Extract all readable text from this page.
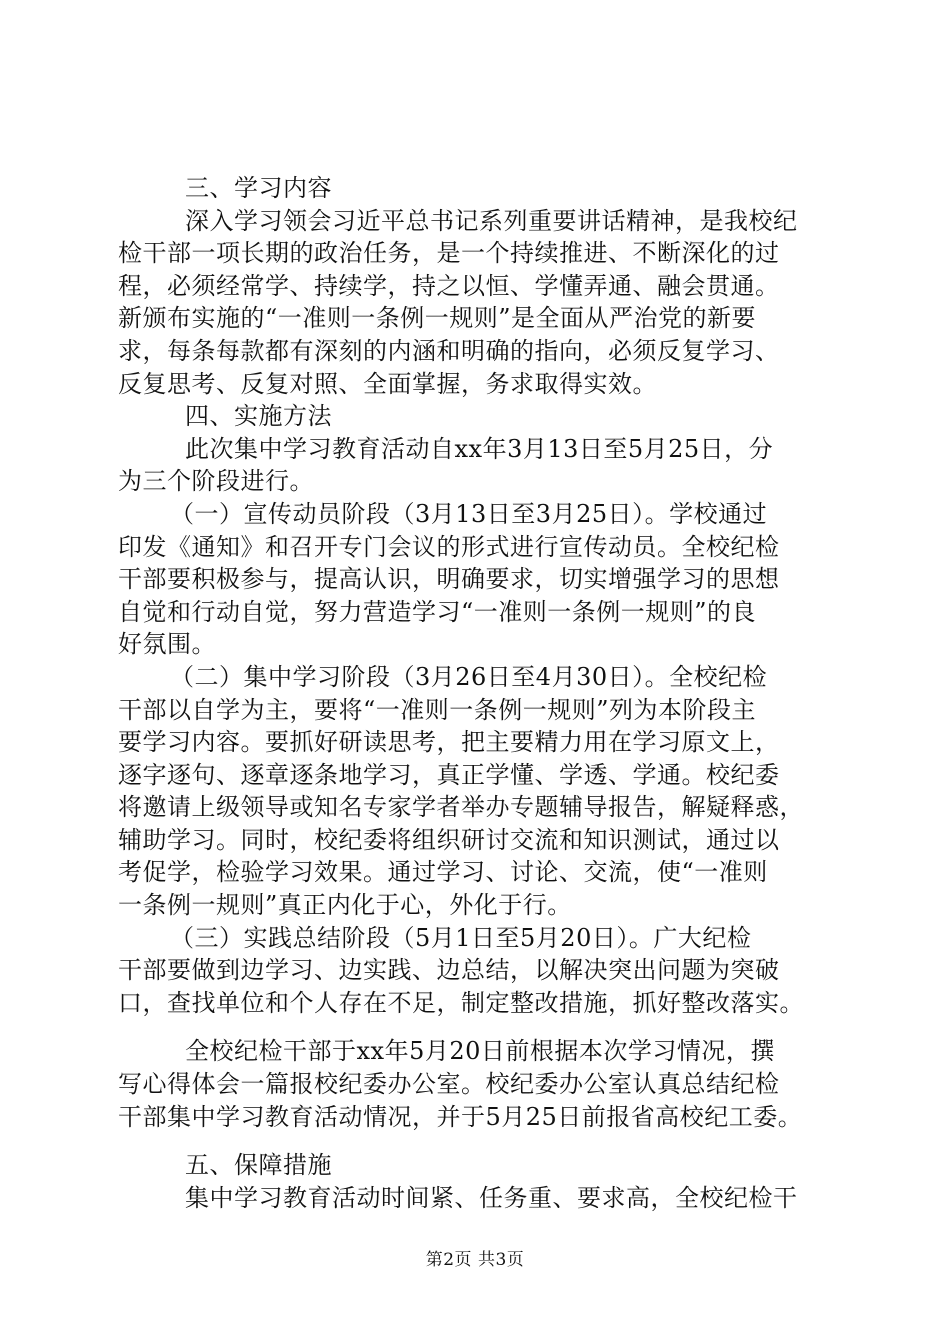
三、学习内容
深入学习领会习近平总书记系列重要讲话精神，是我校纪
检干部一项长期的政治任务，是一个持续推进、不断深化的过
程，必须经常学、持续学，持之以恒、学懂弄通、融会贯通。
新颁布实施的“一准则一条例一规则”是全面从严治党的新要
求，每条每款都有深刻的内涵和明确的指向，必须反复学习、
反复思考、反复对照、全面掌握，务求取得实效。
四、实施方法
此次集中学习教育活动自xx年3月13日至5月25日，分
为三个阶段进行。
（一）宣传动员阶段（3月13日至3月25日）。学校通过
印发《通知》和召开专门会议的形式进行宣传动员。全校纪检
干部要积极参与，提高认识，明确要求，切实增强学习的思想
自觉和行动自觉，努力营造学习“一准则一条例一规则”的良
好氛围。
（二）集中学习阶段（3月26日至4月30日）。全校纪检
干部以自学为主，要将“一准则一条例一规则”列为本阶段主
要学习内容。要抓好研读思考，把主要精力用在学习原文上，
逐字逐句、逐章逐条地学习，真正学懂、学透、学通。校纪委
将邀请上级领导或知名专家学者举办专题辅导报告，解疑释惑，
辅助学习。同时，校纪委将组织研讨交流和知识测试，通过以
考促学，检验学习效果。通过学习、讨论、交流，使“一准则
一条例一规则”真正内化于心，外化于行。
（三）实践总结阶段（5月1日至5月20日）。广大纪检
干部要做到边学习、边实践、边总结，以解决突出问题为突破
口，查找单位和个人存在不足，制定整改措施，抓好整改落实。
全校纪检干部于xx年5月20日前根据本次学习情况，撰
写心得体会一篇报校纪委办公室。校纪委办公室认真总结纪检
干部集中学习教育活动情况，并于5月25日前报省高校纪工委。
五、保障措施
集中学习教育活动时间紧、任务重、要求高，全校纪检干
第2页 共3页
